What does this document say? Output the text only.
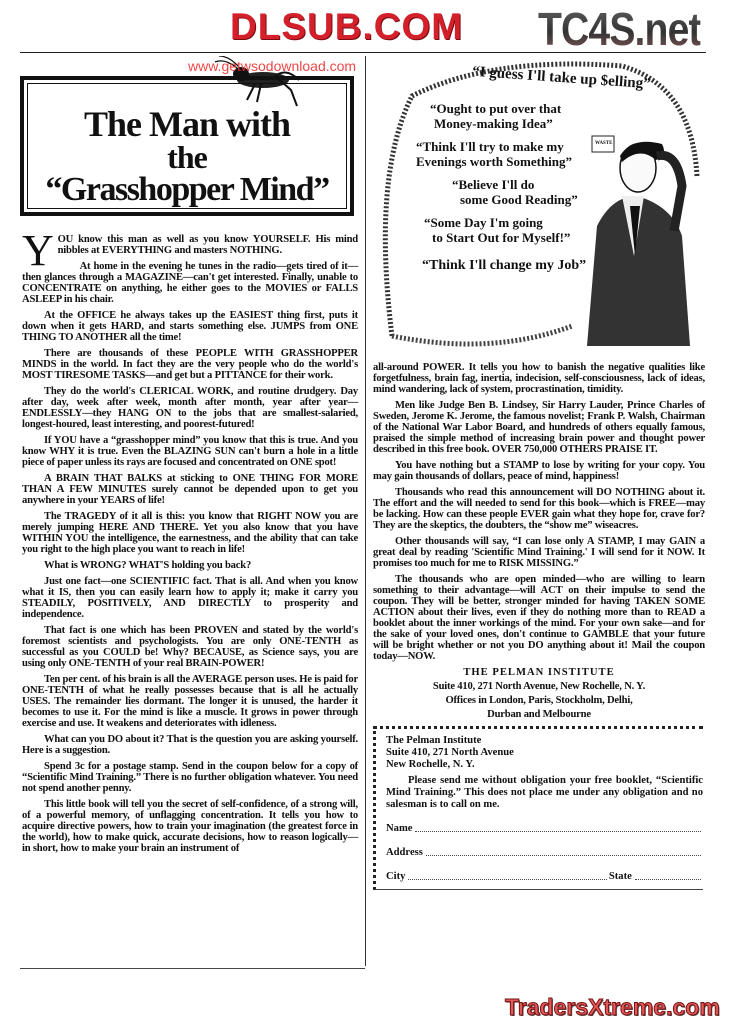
TC4S.net
DLSUB.COM
www.getwsodownload.com
The Man with
the
“Grasshopper Mind”
“I guess I'll take up $elling”
“Ought to put over that
Money-making Idea”
“Think I'll try to make my
Evenings worth Something”
“Believe I'll do
some Good Reading”
“Some Day I'm going
to Start Out for Myself!”
“Think I'll change my Job”
WASTE

YOU know this man as well as you know YOURSELF. His mind nibbles at EVERYTHING and masters NOTHING.

At home in the evening he tunes in the radio—gets tired of it—then glances through a MAGAZINE—can't get interested. Finally, unable to CONCENTRATE on anything, he either goes to the MOVIES or FALLS ASLEEP in his chair.

At the OFFICE he always takes up the EASIEST thing first, puts it down when it gets HARD, and starts something else. JUMPS from ONE THING TO ANOTHER all the time!

There are thousands of these PEOPLE WITH GRASSHOPPER MINDS in the world. In fact they are the very people who do the world's MOST TIRESOME TASKS—and get but a PITTANCE for their work.

They do the world's CLERICAL WORK, and routine drudgery. Day after day, week after week, month after month, year after year—ENDLESSLY—they HANG ON to the jobs that are smallest-salaried, longest-houred, least interesting, and poorest-futured!

If YOU have a “grasshopper mind” you know that this is true. And you know WHY it is true. Even the BLAZING SUN can't burn a hole in a little piece of paper unless its rays are focused and concentrated on ONE spot!

A BRAIN THAT BALKS at sticking to ONE THING FOR MORE THAN A FEW MINUTES surely cannot be depended upon to get you anywhere in your YEARS of life!

The TRAGEDY of it all is this: you know that RIGHT NOW you are merely jumping HERE AND THERE. Yet you also know that you have WITHIN YOU the intelligence, the earnestness, and the ability that can take you right to the high place you want to reach in life!

What is WRONG? WHAT'S holding you back?

Just one fact—one SCIENTIFIC fact. That is all. And when you know what it IS, then you can easily learn how to apply it; make it carry you STEADILY, POSITIVELY, AND DIRECTLY to prosperity and independence.

That fact is one which has been PROVEN and stated by the world's foremost scientists and psychologists. You are only ONE-TENTH as successful as you COULD be! Why? BECAUSE, as Science says, you are using only ONE-TENTH of your real BRAIN-POWER!

Ten per cent. of his brain is all the AVERAGE person uses. He is paid for ONE-TENTH of what he really possesses because that is all he actually USES. The remainder lies dormant. The longer it is unused, the harder it becomes to use it. For the mind is like a muscle. It grows in power through exercise and use. It weakens and deteriorates with idleness.

What can you DO about it? That is the question you are asking yourself. Here is a suggestion.

Spend 3c for a postage stamp. Send in the coupon below for a copy of “Scientific Mind Training.” There is no further obligation whatever. You need not spend another penny.

This little book will tell you the secret of self-confidence, of a strong will, of a powerful memory, of unflagging concentration. It tells you how to acquire directive powers, how to train your imagination (the greatest force in the world), how to make quick, accurate decisions, how to reason logically—in short, how to make your brain an instrument of

all-around POWER. It tells you how to banish the negative qualities like forgetfulness, brain fag, inertia, indecision, self-consciousness, lack of ideas, mind wandering, lack of system, procrastination, timidity.

Men like Judge Ben B. Lindsey, Sir Harry Lauder, Prince Charles of Sweden, Jerome K. Jerome, the famous novelist; Frank P. Walsh, Chairman of the National War Labor Board, and hundreds of others equally famous, praised the simple method of increasing brain power and thought power described in this free book. OVER 750,000 OTHERS PRAISE IT.

You have nothing but a STAMP to lose by writing for your copy. You may gain thousands of dollars, peace of mind, happiness!

Thousands who read this announcement will DO NOTHING about it. The effort and the will needed to send for this book—which is FREE—may be lacking. How can these people EVER gain what they hope for, crave for? They are the skeptics, the doubters, the “show me” wiseacres.

Other thousands will say, “I can lose only A STAMP, I may GAIN a great deal by reading 'Scientific Mind Training.' I will send for it NOW. It promises too much for me to RISK MISSING.”

The thousands who are open minded—who are willing to learn something to their advantage—will ACT on their impulse to send the coupon. They will be better, stronger minded for having TAKEN SOME ACTION about their lives, even if they do nothing more than to READ a booklet about the inner workings of the mind. For your own sake—and for the sake of your loved ones, don't continue to GAMBLE that your future will be bright whether or not you DO anything about it! Mail the coupon today—NOW.

THE PELMAN INSTITUTE

Suite 410, 271 North Avenue, New Rochelle, N. Y.

Offices in London, Paris, Stockholm, Delhi,

Durban and Melbourne

The Pelman Institute
Suite 410, 271 North Avenue
New Rochelle, N. Y.

Please send me without obligation your free booklet, “Scientific Mind Training.” This does not place me under any obligation and no salesman is to call on me.

Name
Address
City	State
TradersXtreme.com
